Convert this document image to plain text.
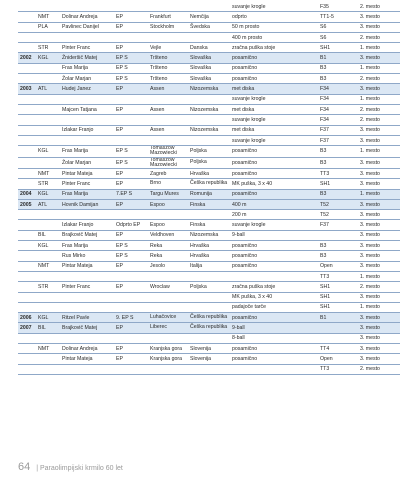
						suvanje krogle	F35	2. mesto
	NMT	Dolinar Andreja	EP	Frankfurt	Nemčija	odprto	TT1-5	3. mesto
	PLA	Pavlinec Danijel	EP	Stockholm	Švedska	50 m prosto	S6	3. mesto
						400 m prosto	S6	2. mesto
	STR	Pinter Franc	EP	Vejle	Danska	zračna puška stoje	SH1	1. mesto
2002	KGL	Žnideršič Matej	EP S	Tršteno	Slovaška	posamično	B1	3. mesto
		Fras Marija	EP S	Tršteno	Slovaška	posamično	B3	1. mesto
		Žolar Marjan	EP S	Tršteno	Slovaška	posamično	B3	2. mesto
2003	ATL	Hudej Janez	EP	Assen	Nizozemska	met diska	F34	3. mesto
						suvanje krogle	F34	1. mesto
		Majcen Tatjana	EP	Assen	Nizozemska	met diska	F34	2. mesto
						suvanje krogle	F34	2. mesto
		Izlakar Franjo	EP	Assen	Nizozemska	met diska	F37	3. mesto
						suvanje krogle	F37	3. mesto
	KGL	Fras Marija	EP S	Tomaszów Mazowiecki	Poljska	posamično	B3	1. mesto
		Žolar Marjan	EP S	Tomaszów Mazowiecki	Poljska	posamično	B3	3. mesto
	NMT	Pintar Mateja	EP	Zagreb	Hrvaška	posamično	TT3	3. mesto
	STR	Pinter Franc	EP	Brno	Češka republika	MK puška, 3 x 40	SH1	3. mesto
2004	KGL	Fras Marija	7.EP S	Targu Mures	Romunija	posamično	B3	1. mesto
2005	ATL	Hovnik Damijan	EP	Espoo	Finska	400 m	T52	3. mesto
						200 m	T52	3. mesto
		Izlakar Franjo	Odprto EP	Espoo	Finska	suvanje krogle	F37	3. mesto
	BIL	Brajkovič Matej	EP	Veldhoven	Nizozemska	9-ball		3. mesto
	KGL	Fras Marija	EP S	Reka	Hrvaška	posamično	B3	3. mesto
		Rus Mirko	EP S	Reka	Hrvaška	posamično	B3	3. mesto
	NMT	Pintar Mateja	EP	Jesolo	Italija	posamično	Open	3. mesto
							TT3	1. mesto
	STR	Pinter Franc	EP	Wroclaw	Poljska	zračna puška stoje	SH1	2. mesto
						MK puška, 3 x 40	SH1	3. mesto
						padajoče tarče	SH1	1. mesto
2006	KGL	Ritzel Pavle	9. EP S	Luhačovice	Češka republika	posamično	B1	3. mesto
2007	BIL	Brajkovič Matej	EP	Liberec	Češka republika	9-ball		3. mesto
						8-ball		3. mesto
	NMT	Dolinar Andreja	EP	Kranjska gora	Slovenija	posamično	TT4	3. mesto
		Pintar Mateja	EP	Kranjska gora	Slovenija	posamično	Open	3. mesto
							TT3	2. mesto
64 | Paraolimpijski krmilo 60 let
